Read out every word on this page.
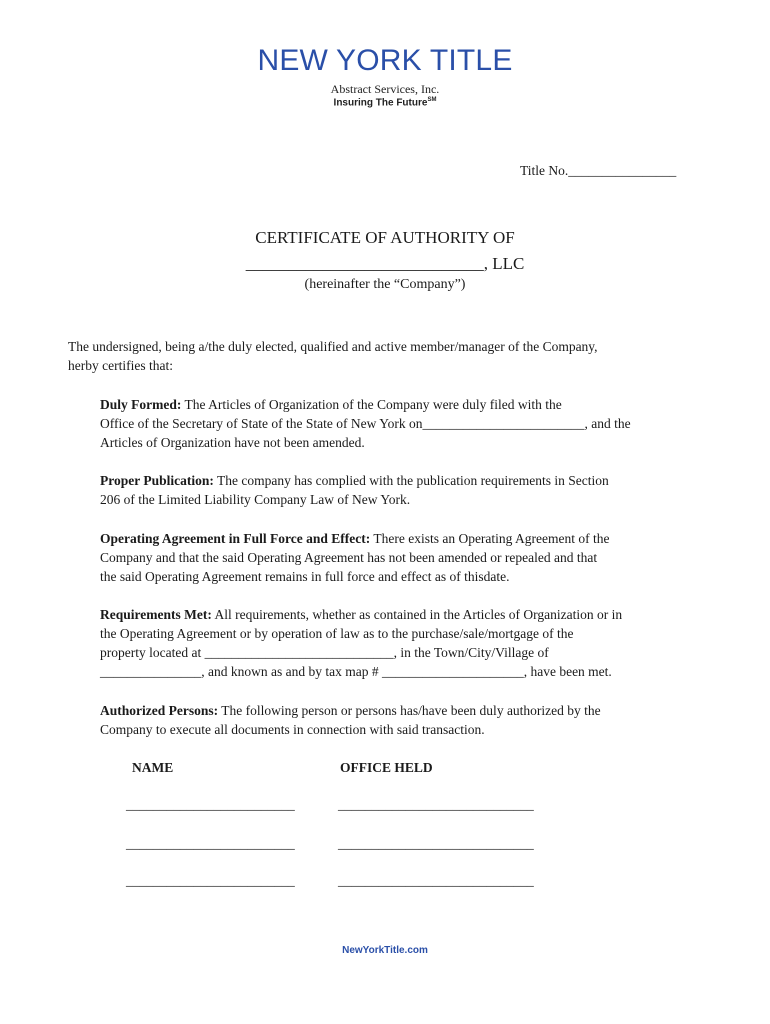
NEW YORK TITLE
Abstract Services, Inc.
Insuring The Future℠
Title No.________________
CERTIFICATE OF AUTHORITY OF
____________________________, LLC
(hereinafter the “Company”)
The undersigned, being a/the duly elected, qualified and active member/manager of the Company,
herby certifies that:
Duly Formed: The Articles of Organization of the Company were duly filed with the
Office of the Secretary of State of the State of New York on________________________, and the
Articles of Organization have not been amended.
Proper Publication: The company has complied with the publication requirements in Section
206 of the Limited Liability Company Law of New York.
Operating Agreement in Full Force and Effect: There exists an Operating Agreement of the
Company and that the said Operating Agreement has not been amended or repealed and that
the said Operating Agreement remains in full force and effect as of thisdate.
Requirements Met: All requirements, whether as contained in the Articles of Organization or in
the Operating Agreement or by operation of law as to the purchase/sale/mortgage of the
property located at ____________________________, in the Town/City/Village of
_______________, and known as and by tax map # _____________________, have been met.
Authorized Persons: The following person or persons has/have been duly authorized by the
Company to execute all documents in connection with said transaction.
NAME	OFFICE HELD
_________________________	_____________________________
_________________________	_____________________________
_________________________	_____________________________
NewYorkTitle.com
